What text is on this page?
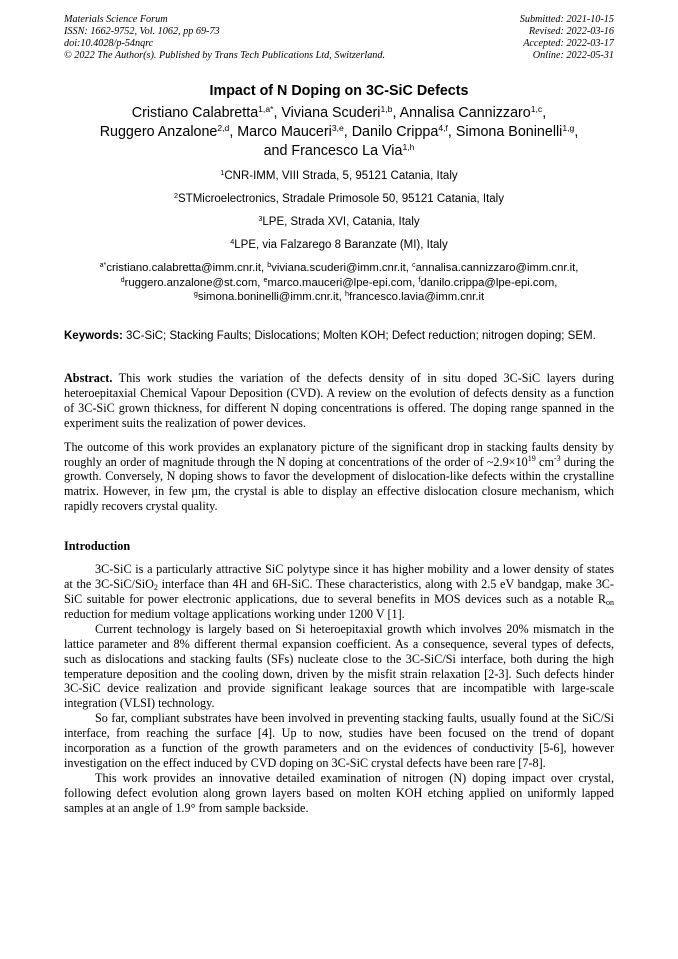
Materials Science Forum
ISSN: 1662-9752, Vol. 1062, pp 69-73
doi:10.4028/p-54nqrc
© 2022 The Author(s). Published by Trans Tech Publications Ltd, Switzerland.
Submitted: 2021-10-15
Revised: 2022-03-16
Accepted: 2022-03-17
Online: 2022-05-31
Impact of N Doping on 3C-SiC Defects
Cristiano Calabretta$^{1,a*}$, Viviana Scuderi$^{1,b}$, Annalisa Cannizzaro$^{1,c}$,
Ruggero Anzalone$^{2,d}$, Marco Mauceri$^{3,e}$, Danilo Crippa$^{4,f}$, Simona Boninelli$^{1,g}$,
and Francesco La Via$^{1,h}$
$^1$CNR-IMM, VIII Strada, 5, 95121 Catania, Italy
$^2$STMicroelectronics, Stradale Primosole 50, 95121 Catania, Italy
$^3$LPE, Strada XVI, Catania, Italy
$^4$LPE, via Falzarego 8 Baranzate (MI), Italy
$^{a*}$cristiano.calabretta@imm.cnr.it, $^b$viviana.scuderi@imm.cnr.it, $^c$annalisa.cannizzaro@imm.cnr.it,
$^d$ruggero.anzalone@st.com, $^e$marco.mauceri@lpe-epi.com, $^f$danilo.crippa@lpe-epi.com,
$^g$simona.boninelli@imm.cnr.it, $^h$francesco.lavia@imm.cnr.it
Keywords: 3C-SiC; Stacking Faults; Dislocations; Molten KOH; Defect reduction; nitrogen doping; SEM.
Abstract. This work studies the variation of the defects density of in situ doped 3C-SiC layers during heteroepitaxial Chemical Vapour Deposition (CVD). A review on the evolution of defects density as a function of 3C-SiC grown thickness, for different N doping concentrations is offered. The doping range spanned in the experiment suits the realization of power devices.
The outcome of this work provides an explanatory picture of the significant drop in stacking faults density by roughly an order of magnitude through the N doping at concentrations of the order of $\sim 2.9\times 10^{19}$ $cm^{-3}$ during the growth. Conversely, N doping shows to favor the development of dislocation-like defects within the crystalline matrix. However, in few µm, the crystal is able to display an effective dislocation closure mechanism, which rapidly recovers crystal quality.
Introduction
3C-SiC is a particularly attractive SiC polytype since it has higher mobility and a lower density of states at the 3C-SiC/SiO$_2$ interface than 4H and 6H-SiC. These characteristics, along with 2.5 eV bandgap, make 3C-SiC suitable for power electronic applications, due to several benefits in MOS devices such as a notable $R_{on}$ reduction for medium voltage applications working under 1200 V [1].
Current technology is largely based on Si heteroepitaxial growth which involves 20% mismatch in the lattice parameter and 8% different thermal expansion coefficient. As a consequence, several types of defects, such as dislocations and stacking faults (SFs) nucleate close to the 3C-SiC/Si interface, both during the high temperature deposition and the cooling down, driven by the misfit strain relaxation [2-3]. Such defects hinder 3C-SiC device realization and provide significant leakage sources that are incompatible with large-scale integration (VLSI) technology.
So far, compliant substrates have been involved in preventing stacking faults, usually found at the SiC/Si interface, from reaching the surface [4]. Up to now, studies have been focused on the trend of dopant incorporation as a function of the growth parameters and on the evidences of conductivity [5-6], however investigation on the effect induced by CVD doping on 3C-SiC crystal defects have been rare [7-8].
This work provides an innovative detailed examination of nitrogen (N) doping impact over crystal, following defect evolution along grown layers based on molten KOH etching applied on uniformly lapped samples at an angle of 1.9° from sample backside.
